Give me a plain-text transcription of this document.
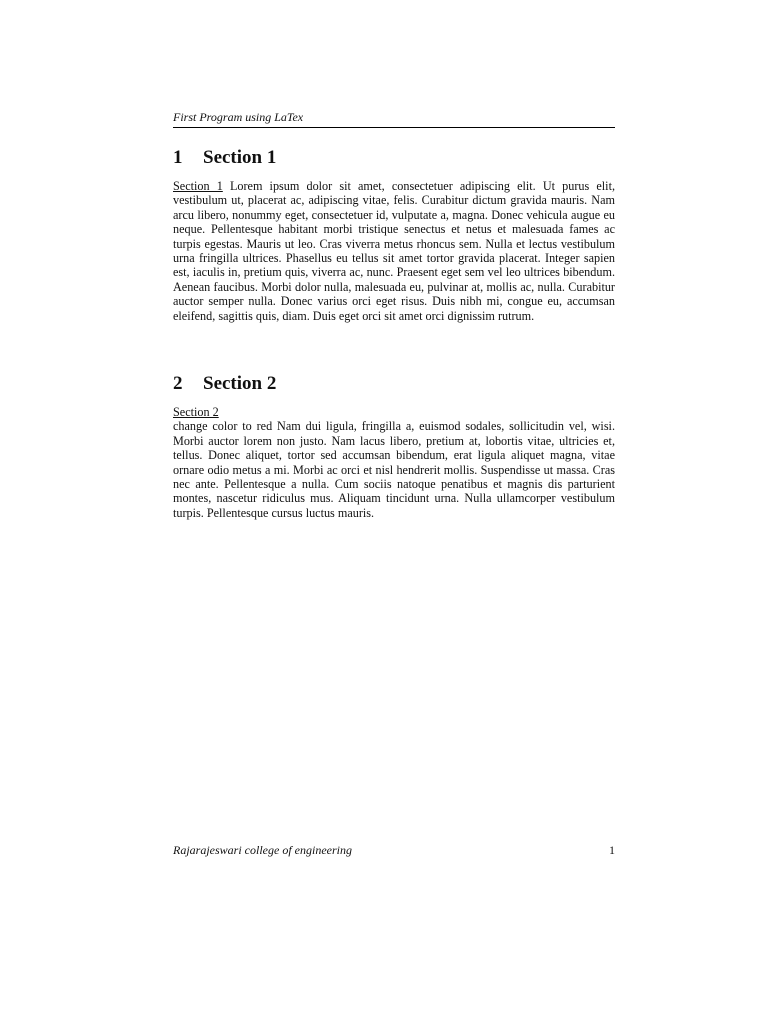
First Program using LaTex
1 Section 1
Section 1 Lorem ipsum dolor sit amet, consectetuer adipiscing elit. Ut purus elit, vestibulum ut, placerat ac, adipiscing vitae, felis. Curabitur dictum gravida mauris. Nam arcu libero, nonummy eget, consectetuer id, vulputate a, magna. Donec vehicula augue eu neque. Pellentesque habitant morbi tristique senectus et netus et malesuada fames ac turpis egestas. Mauris ut leo. Cras viverra metus rhoncus sem. Nulla et lectus vestibulum urna fringilla ultrices. Phasellus eu tellus sit amet tortor gravida placerat. Integer sapien est, iaculis in, pretium quis, viverra ac, nunc. Praesent eget sem vel leo ultrices bibendum. Aenean faucibus. Morbi dolor nulla, malesuada eu, pulvinar at, mollis ac, nulla. Curabitur auctor semper nulla. Donec varius orci eget risus. Duis nibh mi, congue eu, accumsan eleifend, sagittis quis, diam. Duis eget orci sit amet orci dignissim rutrum.
2 Section 2
Section 2
change color to red Nam dui ligula, fringilla a, euismod sodales, sollicitudin vel, wisi. Morbi auctor lorem non justo. Nam lacus libero, pretium at, lobortis vitae, ultricies et, tellus. Donec aliquet, tortor sed accumsan bibendum, erat ligula aliquet magna, vitae ornare odio metus a mi. Morbi ac orci et nisl hendrerit mollis. Suspendisse ut massa. Cras nec ante. Pellentesque a nulla. Cum sociis natoque penatibus et magnis dis parturient montes, nascetur ridiculus mus. Aliquam tincidunt urna. Nulla ullamcorper vestibulum turpis. Pellentesque cursus luctus mauris.
Rajarajeswari college of engineering	1
